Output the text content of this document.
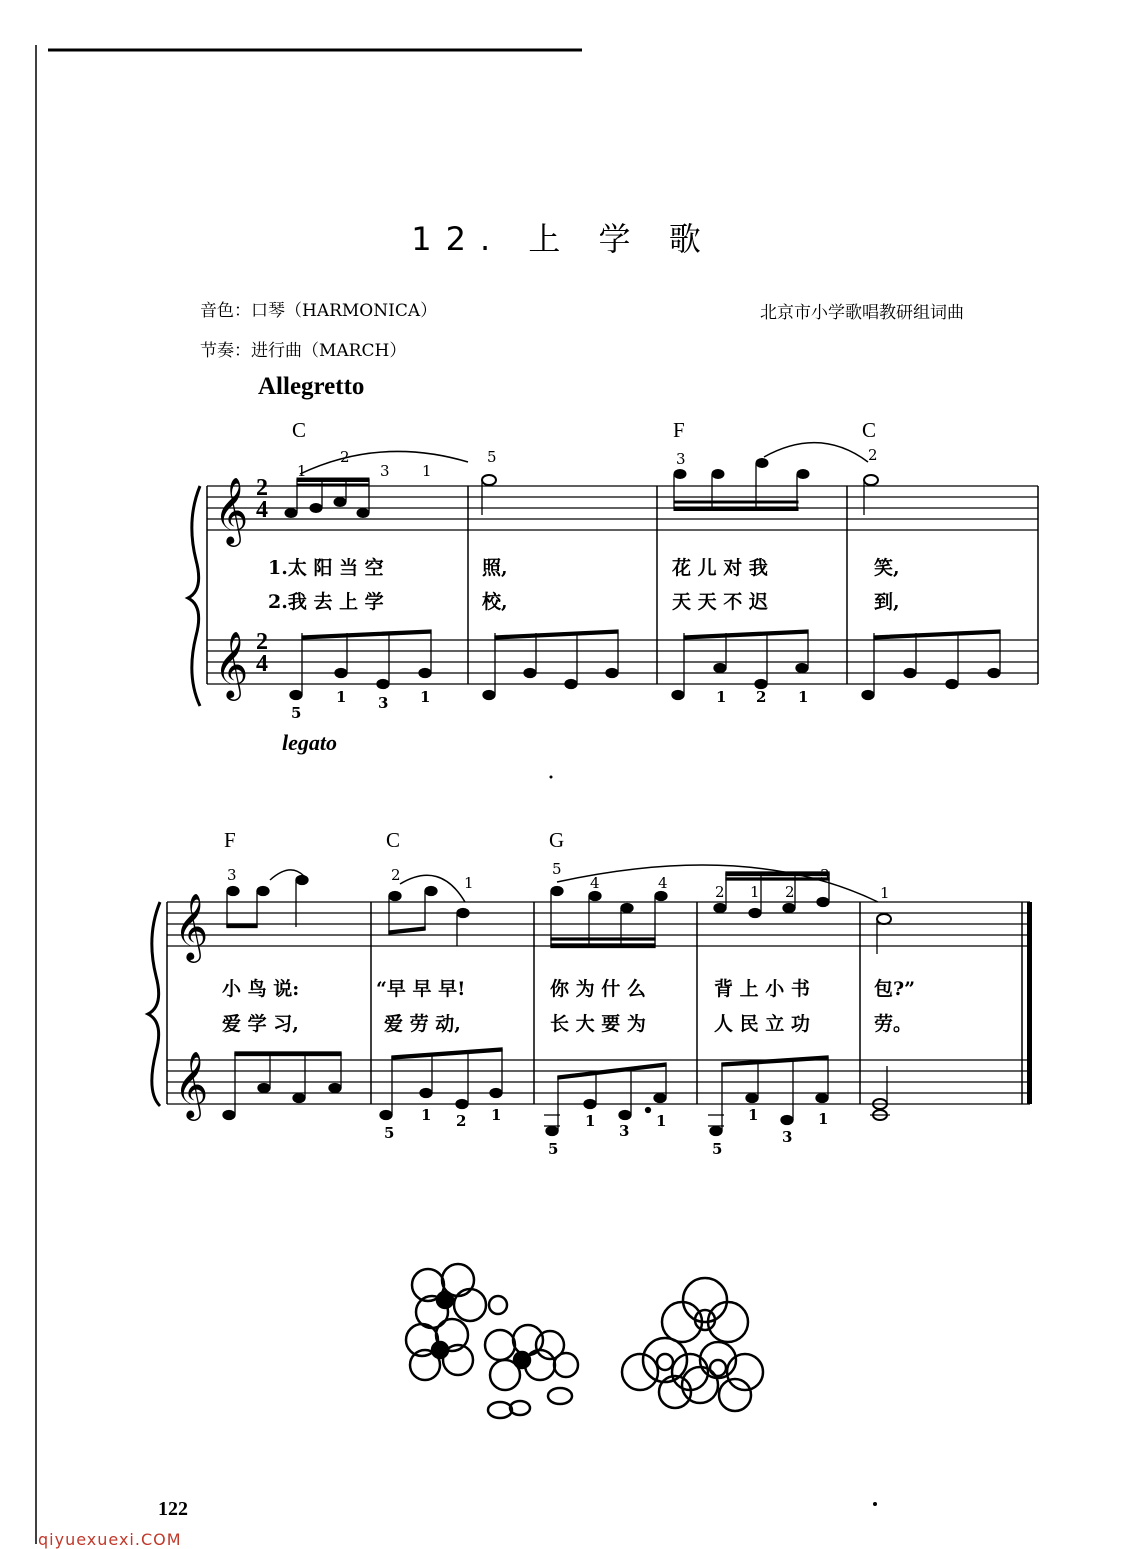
𝄞
𝄞
𝄞
𝄞
12. 上 学 歌
音色：口琴（HARMONICA）
节奏：进行曲（MARCH）
北京市小学歌唱教研组词曲
Allegretto
2
4
2
4
C	F	C
1
2
3 1
5	3	2
1.太 阳 当 空	照,	花 儿 对 我	笑,
2.我 去 上 学	校,	天 天 不 迟	到,
5
1 3 1	1 2 1
legato
F	C	G
3	2	1
5
4	4	2 1 2
3
1
小 鸟 说:	“早 早 早!	你 为 什 么	背 上 小 书	包?”
爱 学 习,	爱 劳 动,	长 大 要 为	人 民 立 功	劳。
5
1 2 1
5
1
3
1
5
1
3
1
122
qiyuexuexi.COM
